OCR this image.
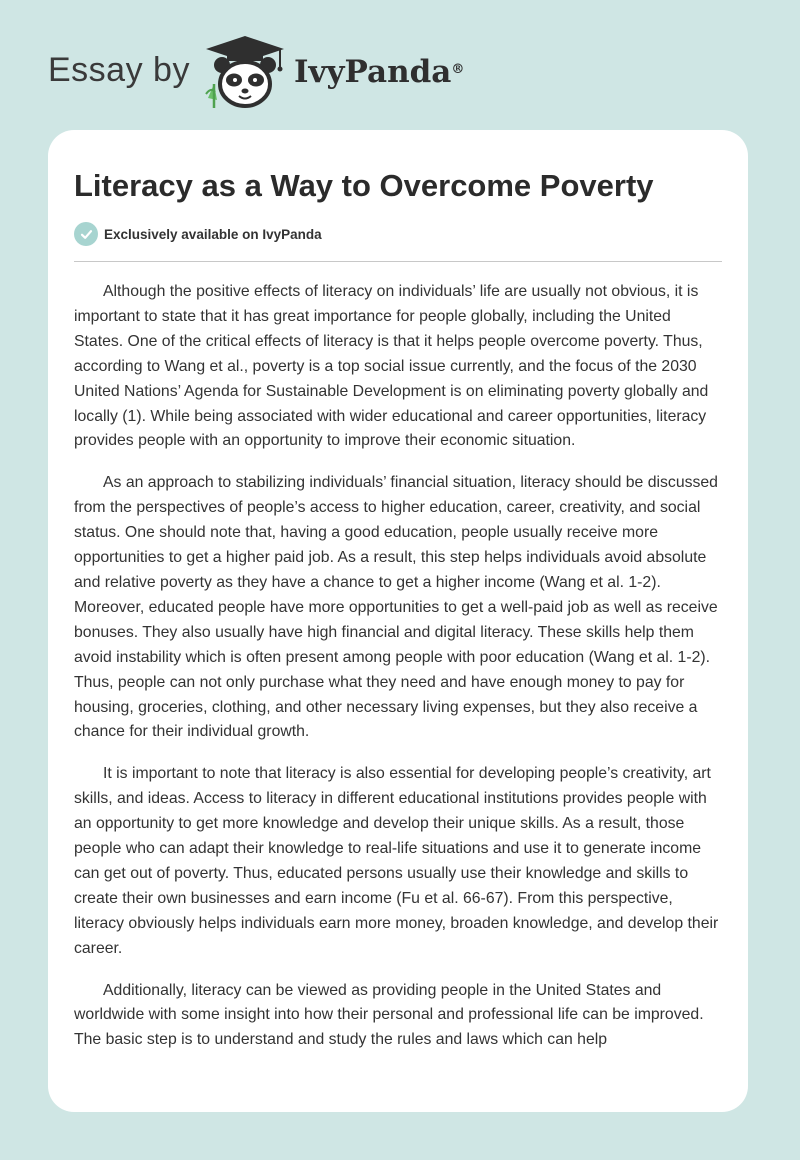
Essay by	IvyPanda®
Literacy as a Way to Overcome Poverty
Exclusively available on IvyPanda

Although the positive effects of literacy on individuals’ life are usually not obvious, it is important to state that it has great importance for people globally, including the United States. One of the critical effects of literacy is that it helps people overcome poverty. Thus, according to Wang et al., poverty is a top social issue currently, and the focus of the 2030 United Nations’ Agenda for Sustainable Development is on eliminating poverty globally and locally (1). While being associated with wider educational and career opportunities, literacy provides people with an opportunity to improve their economic situation.

As an approach to stabilizing individuals’ financial situation, literacy should be discussed from the perspectives of people’s access to higher education, career, creativity, and social status. One should note that, having a good education, people usually receive more opportunities to get a higher paid job. As a result, this step helps individuals avoid absolute and relative poverty as they have a chance to get a higher income (Wang et al. 1-2). Moreover, educated people have more opportunities to get a well-paid job as well as receive bonuses. They also usually have high financial and digital literacy. These skills help them avoid instability which is often present among people with poor education (Wang et al. 1-2). Thus, people can not only purchase what they need and have enough money to pay for housing, groceries, clothing, and other necessary living expenses, but they also receive a chance for their individual growth.

It is important to note that literacy is also essential for developing people’s creativity, art skills, and ideas. Access to literacy in different educational institutions provides people with an opportunity to get more knowledge and develop their unique skills. As a result, those people who can adapt their knowledge to real-life situations and use it to generate income can get out of poverty. Thus, educated persons usually use their knowledge and skills to create their own businesses and earn income (Fu et al. 66-67). From this perspective, literacy obviously helps individuals earn more money, broaden knowledge, and develop their career.

Additionally, literacy can be viewed as providing people in the United States and worldwide with some insight into how their personal and professional life can be improved. The basic step is to understand and study the rules and laws which can help
